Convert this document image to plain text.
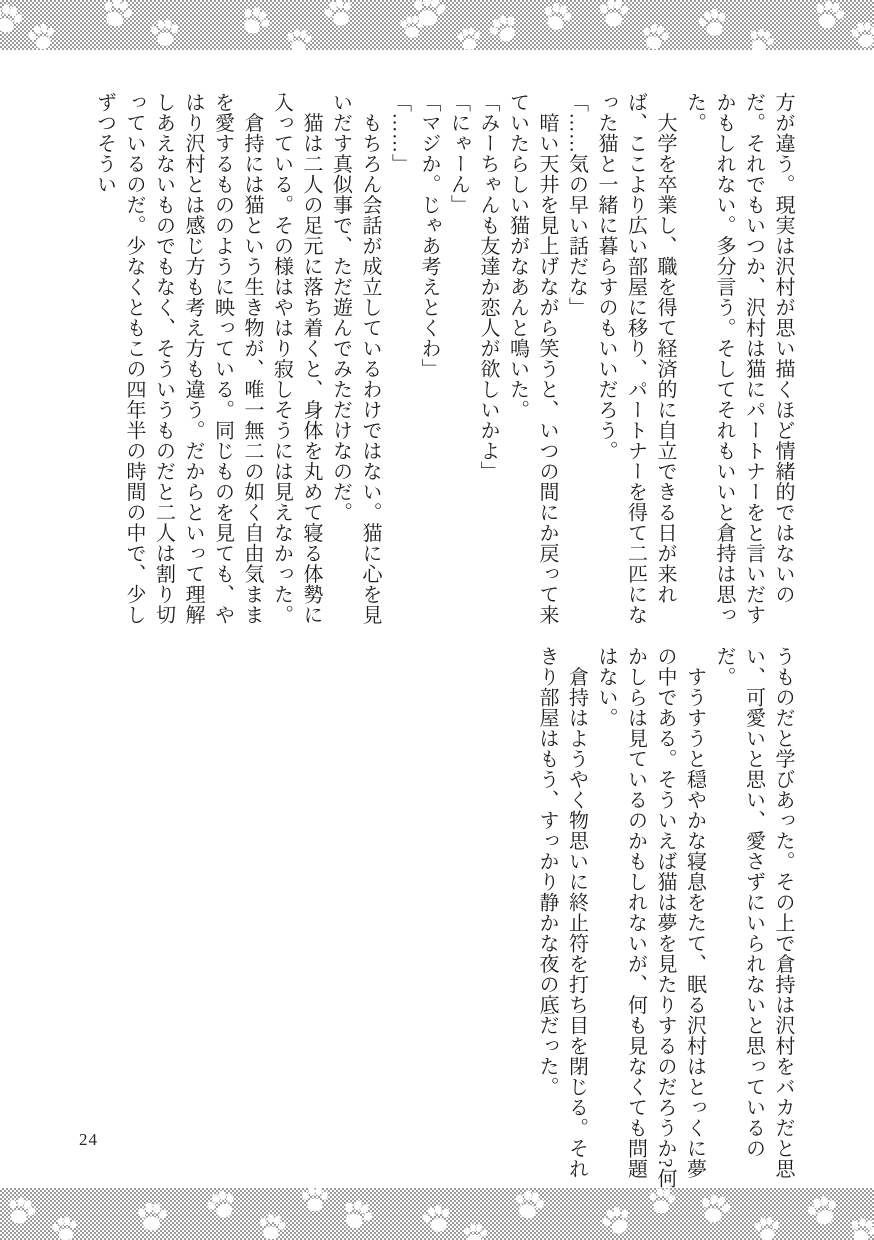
方が違う。現実は沢村が思い描くほど情緒的ではないのだ。それでもいつか、沢村は猫にパートナーをと言いだすかもしれない。多分言う。そしてそれもいいと倉持は思った。

　大学を卒業し、職を得て経済的に自立できる日が来れば、ここより広い部屋に移り、パートナーを得て二匹になった猫と一緒に暮らすのもいいだろう。

「……気の早い話だな」

　暗い天井を見上げながら笑うと、いつの間にか戻って来ていたらしい猫がなあんと鳴いた。

「みーちゃんも友達か恋人が欲しいかよ」

「にゃーん」

「マジか。じゃあ考えとくわ」

「……」

　もちろん会話が成立しているわけではない。猫に心を見いだす真似事で、ただ遊んでみただけなのだ。

　猫は二人の足元に落ち着くと、身体を丸めて寝る体勢に入っている。その様はやはり寂しそうには見えなかった。

　倉持には猫という生き物が、唯一無二の如く自由気ままを愛するもののように映っている。同じものを見ても、やはり沢村とは感じ方も考え方も違う。だからといって理解しあえないものでもなく、そういうものだと二人は割り切っているのだ。少なくともこの四年半の時間の中で、少しずつそうい

うものだと学びあった。その上で倉持は沢村をバカだと思い、可愛いと思い、愛さずにいられないと思っているのだ。

　すうすうと穏やかな寝息をたて、眠る沢村はとっくに夢の中である。そういえば猫は夢を見たりするのだろうか?何かしらは見ているのかもしれないが、何も見なくても問題はない。

　倉持はようやく物思いに終止符を打ち目を閉じる。それきり部屋はもう、すっかり静かな夜の底だった。

24
